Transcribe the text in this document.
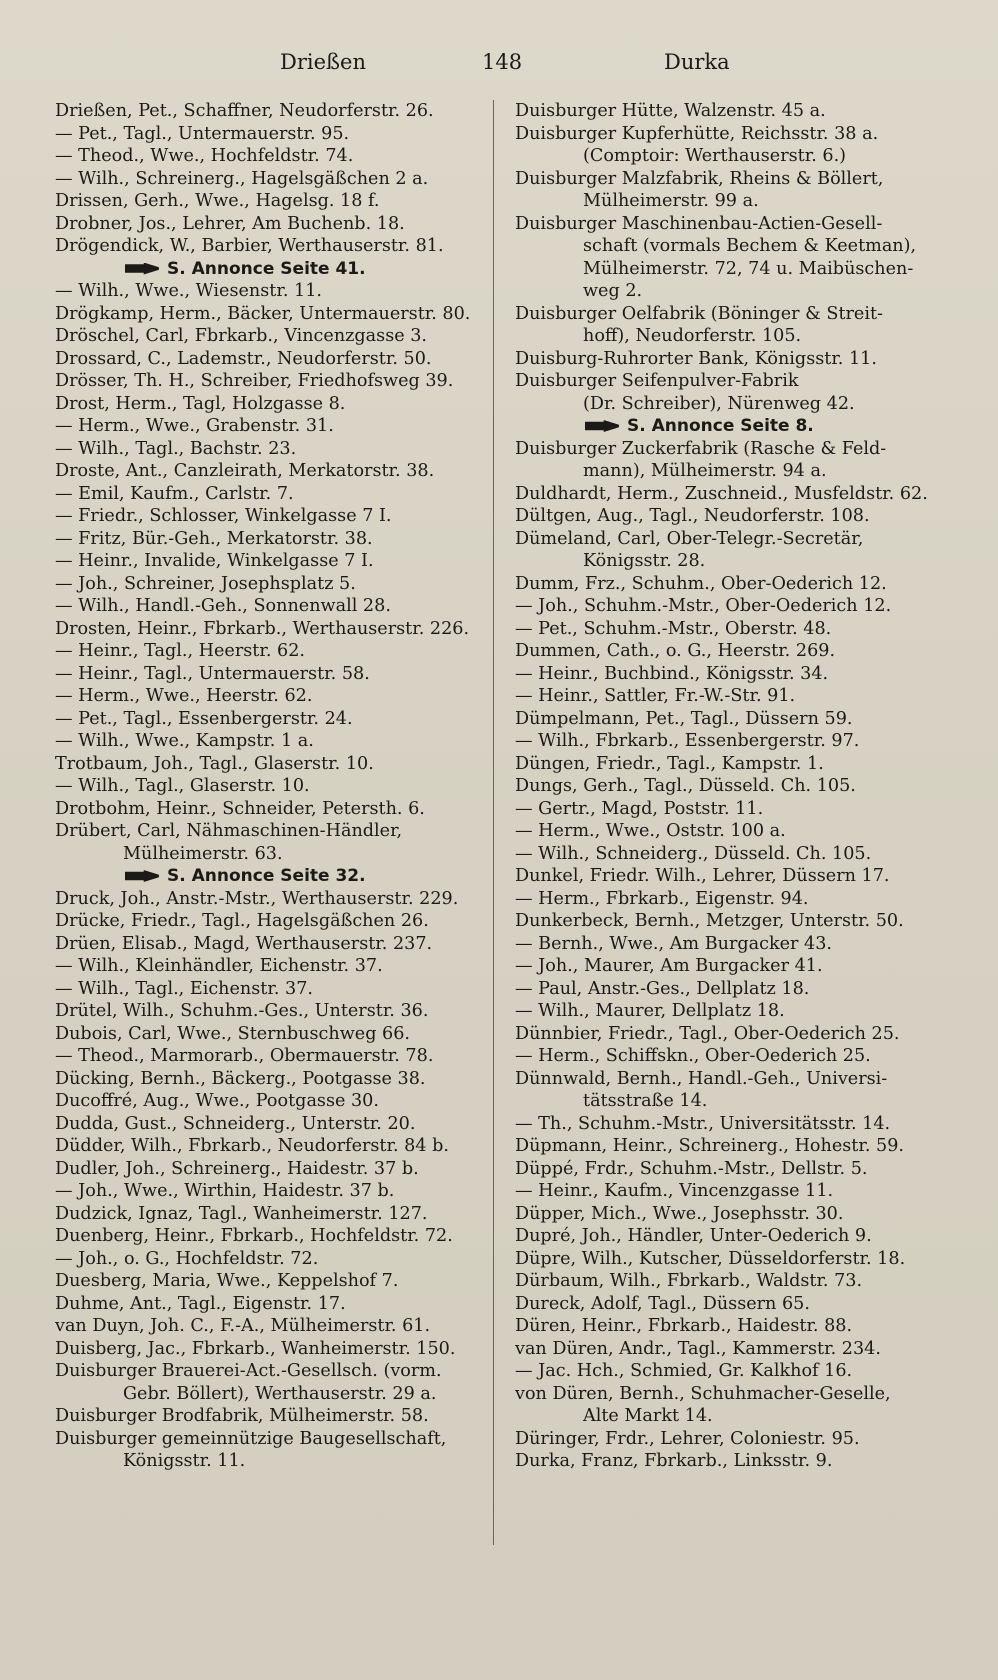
Drießen	148	Durka
Drießen, Pet., Schaffner, Neudorferstr. 26.
— Pet., Tagl., Untermauerstr. 95.
— Theod., Wwe., Hochfeldstr. 74.
— Wilh., Schreinerg., Hagelsgäßchen 2 a.
Drissen, Gerh., Wwe., Hagelsg. 18 f.
Drobner, Jos., Lehrer, Am Buchenb. 18.
Drögendick, W., Barbier, Werthauserstr. 81.
S. Annonce Seite 41.
— Wilh., Wwe., Wiesenstr. 11.
Drögkamp, Herm., Bäcker, Untermauerstr. 80.
Dröschel, Carl, Fbrkarb., Vincenzgasse 3.
Drossard, C., Lademstr., Neudorferstr. 50.
Drösser, Th. H., Schreiber, Friedhofsweg 39.
Drost, Herm., Tagl, Holzgasse 8.
— Herm., Wwe., Grabenstr. 31.
— Wilh., Tagl., Bachstr. 23.
Droste, Ant., Canzleirath, Merkatorstr. 38.
— Emil, Kaufm., Carlstr. 7.
— Friedr., Schlosser, Winkelgasse 7 I.
— Fritz, Bür.-Geh., Merkatorstr. 38.
— Heinr., Invalide, Winkelgasse 7 I.
— Joh., Schreiner, Josephsplatz 5.
— Wilh., Handl.-Geh., Sonnenwall 28.
Drosten, Heinr., Fbrkarb., Werthauserstr. 226.
— Heinr., Tagl., Heerstr. 62.
— Heinr., Tagl., Untermauerstr. 58.
— Herm., Wwe., Heerstr. 62.
— Pet., Tagl., Essenbergerstr. 24.
— Wilh., Wwe., Kampstr. 1 a.
Trotbaum, Joh., Tagl., Glaserstr. 10.
— Wilh., Tagl., Glaserstr. 10.
Drotbohm, Heinr., Schneider, Petersth. 6.
Drübert, Carl, Nähmaschinen-Händler,
Mülheimerstr. 63.
S. Annonce Seite 32.
Druck, Joh., Anstr.-Mstr., Werthauserstr. 229.
Drücke, Friedr., Tagl., Hagelsgäßchen 26.
Drüen, Elisab., Magd, Werthauserstr. 237.
— Wilh., Kleinhändler, Eichenstr. 37.
— Wilh., Tagl., Eichenstr. 37.
Drütel, Wilh., Schuhm.-Ges., Unterstr. 36.
Dubois, Carl, Wwe., Sternbuschweg 66.
— Theod., Marmorarb., Obermauerstr. 78.
Dücking, Bernh., Bäckerg., Pootgasse 38.
Ducoffré, Aug., Wwe., Pootgasse 30.
Dudda, Gust., Schneiderg., Unterstr. 20.
Düdder, Wilh., Fbrkarb., Neudorferstr. 84 b.
Dudler, Joh., Schreinerg., Haidestr. 37 b.
— Joh., Wwe., Wirthin, Haidestr. 37 b.
Dudzick, Ignaz, Tagl., Wanheimerstr. 127.
Duenberg, Heinr., Fbrkarb., Hochfeldstr. 72.
— Joh., o. G., Hochfeldstr. 72.
Duesberg, Maria, Wwe., Keppelshof 7.
Duhme, Ant., Tagl., Eigenstr. 17.
van Duyn, Joh. C., F.-A., Mülheimerstr. 61.
Duisberg, Jac., Fbrkarb., Wanheimerstr. 150.
Duisburger Brauerei-Act.-Gesellsch. (vorm.
Gebr. Böllert), Werthauserstr. 29 a.
Duisburger Brodfabrik, Mülheimerstr. 58.
Duisburger gemeinnützige Baugesellschaft,
Königsstr. 11.
Duisburger Hütte, Walzenstr. 45 a.
Duisburger Kupferhütte, Reichsstr. 38 a.
(Comptoir: Werthauserstr. 6.)
Duisburger Malzfabrik, Rheins & Böllert,
Mülheimerstr. 99 a.
Duisburger Maschinenbau-Actien-Gesell-
schaft (vormals Bechem & Keetman),
Mülheimerstr. 72, 74 u. Maibüschen-
weg 2.
Duisburger Oelfabrik (Böninger & Streit-
hoff), Neudorferstr. 105.
Duisburg-Ruhrorter Bank, Königsstr. 11.
Duisburger Seifenpulver-Fabrik
(Dr. Schreiber), Nürenweg 42.
S. Annonce Seite 8.
Duisburger Zuckerfabrik (Rasche & Feld-
mann), Mülheimerstr. 94 a.
Duldhardt, Herm., Zuschneid., Musfeldstr. 62.
Dültgen, Aug., Tagl., Neudorferstr. 108.
Dümeland, Carl, Ober-Telegr.-Secretär,
Königsstr. 28.
Dumm, Frz., Schuhm., Ober-Oederich 12.
— Joh., Schuhm.-Mstr., Ober-Oederich 12.
— Pet., Schuhm.-Mstr., Oberstr. 48.
Dummen, Cath., o. G., Heerstr. 269.
— Heinr., Buchbind., Königsstr. 34.
— Heinr., Sattler, Fr.-W.-Str. 91.
Dümpelmann, Pet., Tagl., Düssern 59.
— Wilh., Fbrkarb., Essenbergerstr. 97.
Düngen, Friedr., Tagl., Kampstr. 1.
Dungs, Gerh., Tagl., Düsseld. Ch. 105.
— Gertr., Magd, Poststr. 11.
— Herm., Wwe., Oststr. 100 a.
— Wilh., Schneiderg., Düsseld. Ch. 105.
Dunkel, Friedr. Wilh., Lehrer, Düssern 17.
— Herm., Fbrkarb., Eigenstr. 94.
Dunkerbeck, Bernh., Metzger, Unterstr. 50.
— Bernh., Wwe., Am Burgacker 43.
— Joh., Maurer, Am Burgacker 41.
— Paul, Anstr.-Ges., Dellplatz 18.
— Wilh., Maurer, Dellplatz 18.
Dünnbier, Friedr., Tagl., Ober-Oederich 25.
— Herm., Schiffskn., Ober-Oederich 25.
Dünnwald, Bernh., Handl.-Geh., Universi-
tätsstraße 14.
— Th., Schuhm.-Mstr., Universitätsstr. 14.
Düpmann, Heinr., Schreinerg., Hohestr. 59.
Düppé, Frdr., Schuhm.-Mstr., Dellstr. 5.
— Heinr., Kaufm., Vincenzgasse 11.
Düpper, Mich., Wwe., Josephsstr. 30.
Dupré, Joh., Händler, Unter-Oederich 9.
Düpre, Wilh., Kutscher, Düsseldorferstr. 18.
Dürbaum, Wilh., Fbrkarb., Waldstr. 73.
Dureck, Adolf, Tagl., Düssern 65.
Düren, Heinr., Fbrkarb., Haidestr. 88.
van Düren, Andr., Tagl., Kammerstr. 234.
— Jac. Hch., Schmied, Gr. Kalkhof 16.
von Düren, Bernh., Schuhmacher-Geselle,
Alte Markt 14.
Düringer, Frdr., Lehrer, Coloniestr. 95.
Durka, Franz, Fbrkarb., Linksstr. 9.
